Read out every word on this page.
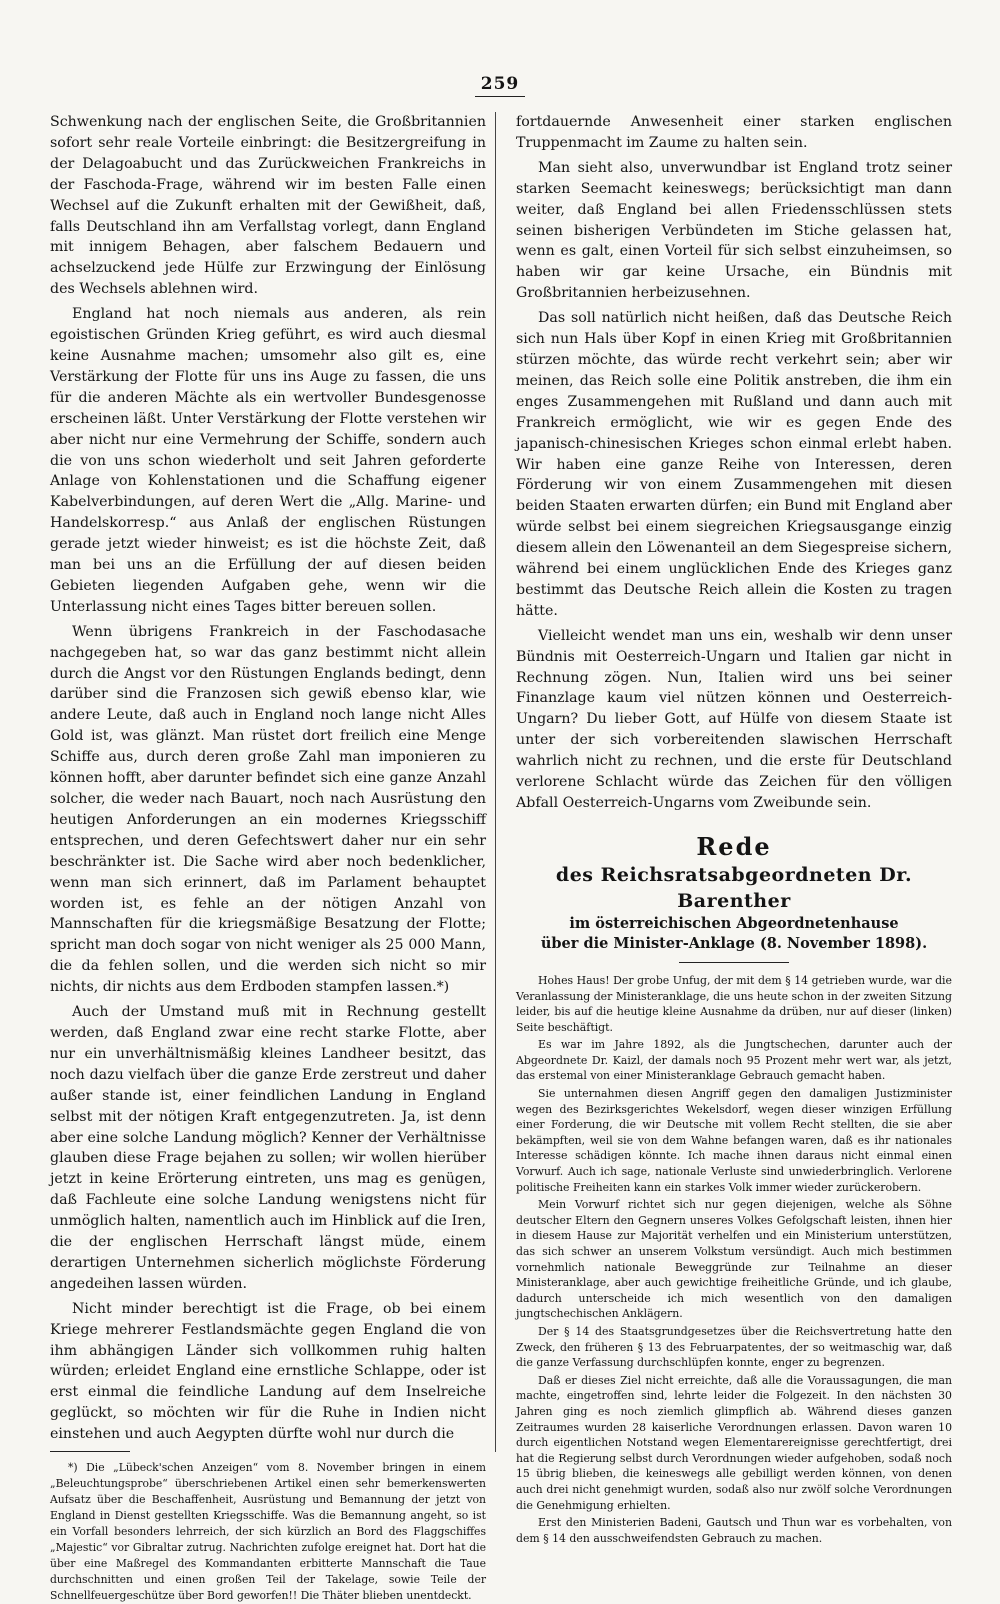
259

Schwenkung nach der englischen Seite, die Großbritannien sofort sehr reale Vorteile einbringt: die Besitzergreifung in der Delagoabucht und das Zurückweichen Frankreichs in der Faschoda-Frage, während wir im besten Falle einen Wechsel auf die Zukunft erhalten mit der Gewißheit, daß, falls Deutschland ihn am Verfallstag vorlegt, dann England mit innigem Behagen, aber falschem Bedauern und achselzuckend jede Hülfe zur Erzwingung der Einlösung des Wechsels ablehnen wird.

England hat noch niemals aus anderen, als rein egoistischen Gründen Krieg geführt, es wird auch diesmal keine Ausnahme machen; umsomehr also gilt es, eine Verstärkung der Flotte für uns ins Auge zu fassen, die uns für die anderen Mächte als ein wertvoller Bundesgenosse erscheinen läßt. Unter Verstärkung der Flotte verstehen wir aber nicht nur eine Vermehrung der Schiffe, sondern auch die von uns schon wiederholt und seit Jahren geforderte Anlage von Kohlenstationen und die Schaffung eigener Kabelverbindungen, auf deren Wert die „Allg. Marine- und Handelskorresp.“ aus Anlaß der englischen Rüstungen gerade jetzt wieder hinweist; es ist die höchste Zeit, daß man bei uns an die Erfüllung der auf diesen beiden Gebieten liegenden Aufgaben gehe, wenn wir die Unterlassung nicht eines Tages bitter bereuen sollen.

Wenn übrigens Frankreich in der Faschodasache nachgegeben hat, so war das ganz bestimmt nicht allein durch die Angst vor den Rüstungen Englands bedingt, denn darüber sind die Franzosen sich gewiß ebenso klar, wie andere Leute, daß auch in England noch lange nicht Alles Gold ist, was glänzt. Man rüstet dort freilich eine Menge Schiffe aus, durch deren große Zahl man imponieren zu können hofft, aber darunter befindet sich eine ganze Anzahl solcher, die weder nach Bauart, noch nach Ausrüstung den heutigen Anforderungen an ein modernes Kriegsschiff entsprechen, und deren Gefechtswert daher nur ein sehr beschränkter ist. Die Sache wird aber noch bedenklicher, wenn man sich erinnert, daß im Parlament behauptet worden ist, es fehle an der nötigen Anzahl von Mannschaften für die kriegsmäßige Besatzung der Flotte; spricht man doch sogar von nicht weniger als 25 000 Mann, die da fehlen sollen, und die werden sich nicht so mir nichts, dir nichts aus dem Erdboden stampfen lassen.*)

Auch der Umstand muß mit in Rechnung gestellt werden, daß England zwar eine recht starke Flotte, aber nur ein unverhältnismäßig kleines Landheer besitzt, das noch dazu vielfach über die ganze Erde zerstreut und daher außer stande ist, einer feindlichen Landung in England selbst mit der nötigen Kraft entgegenzutreten. Ja, ist denn aber eine solche Landung möglich? Kenner der Verhältnisse glauben diese Frage bejahen zu sollen; wir wollen hierüber jetzt in keine Erörterung eintreten, uns mag es genügen, daß Fachleute eine solche Landung wenigstens nicht für unmöglich halten, namentlich auch im Hinblick auf die Iren, die der englischen Herrschaft längst müde, einem derartigen Unternehmen sicherlich möglichste Förderung angedeihen lassen würden.

Nicht minder berechtigt ist die Frage, ob bei einem Kriege mehrerer Festlandsmächte gegen England die von ihm abhängigen Länder sich vollkommen ruhig halten würden; erleidet England eine ernstliche Schlappe, oder ist erst einmal die feindliche Landung auf dem Inselreiche geglückt, so möchten wir für die Ruhe in Indien nicht einstehen und auch Aegypten dürfte wohl nur durch die

*) Die „Lübeck'schen Anzeigen“ vom 8. November bringen in einem „Beleuchtungsprobe“ überschriebenen Artikel einen sehr bemerkenswerten Aufsatz über die Beschaffenheit, Ausrüstung und Bemannung der jetzt von England in Dienst gestellten Kriegsschiffe. Was die Bemannung angeht, so ist ein Vorfall besonders lehrreich, der sich kürzlich an Bord des Flaggschiffes „Majestic“ vor Gibraltar zutrug. Nachrichten zufolge ereignet hat. Dort hat die über eine Maßregel des Kommandanten erbitterte Mannschaft die Taue durchschnitten und einen großen Teil der Takelage, sowie Teile der Schnellfeuergeschütze über Bord geworfen!! Die Thäter blieben unentdeckt.

fortdauernde Anwesenheit einer starken englischen Truppenmacht im Zaume zu halten sein.

Man sieht also, unverwundbar ist England trotz seiner starken Seemacht keineswegs; berücksichtigt man dann weiter, daß England bei allen Friedensschlüssen stets seinen bisherigen Verbündeten im Stiche gelassen hat, wenn es galt, einen Vorteil für sich selbst einzuheimsen, so haben wir gar keine Ursache, ein Bündnis mit Großbritannien herbeizusehnen.

Das soll natürlich nicht heißen, daß das Deutsche Reich sich nun Hals über Kopf in einen Krieg mit Großbritannien stürzen möchte, das würde recht verkehrt sein; aber wir meinen, das Reich solle eine Politik anstreben, die ihm ein enges Zusammengehen mit Rußland und dann auch mit Frankreich ermöglicht, wie wir es gegen Ende des japanisch-chinesischen Krieges schon einmal erlebt haben. Wir haben eine ganze Reihe von Interessen, deren Förderung wir von einem Zusammengehen mit diesen beiden Staaten erwarten dürfen; ein Bund mit England aber würde selbst bei einem siegreichen Kriegsausgange einzig diesem allein den Löwenanteil an dem Siegespreise sichern, während bei einem unglücklichen Ende des Krieges ganz bestimmt das Deutsche Reich allein die Kosten zu tragen hätte.

Vielleicht wendet man uns ein, weshalb wir denn unser Bündnis mit Oesterreich-Ungarn und Italien gar nicht in Rechnung zögen. Nun, Italien wird uns bei seiner Finanzlage kaum viel nützen können und Oesterreich-Ungarn? Du lieber Gott, auf Hülfe von diesem Staate ist unter der sich vorbereitenden slawischen Herrschaft wahrlich nicht zu rechnen, und die erste für Deutschland verlorene Schlacht würde das Zeichen für den völligen Abfall Oesterreich-Ungarns vom Zweibunde sein.

Rede
des Reichsratsabgeordneten Dr. Barenther
im österreichischen Abgeordnetenhause
über die Minister-Anklage (8. November 1898).

Hohes Haus! Der grobe Unfug, der mit dem § 14 getrieben wurde, war die Veranlassung der Ministeranklage, die uns heute schon in der zweiten Sitzung leider, bis auf die heutige kleine Ausnahme da drüben, nur auf dieser (linken) Seite beschäftigt.

Es war im Jahre 1892, als die Jungtschechen, darunter auch der Abgeordnete Dr. Kaizl, der damals noch 95 Prozent mehr wert war, als jetzt, das erstemal von einer Ministeranklage Gebrauch gemacht haben.

Sie unternahmen diesen Angriff gegen den damaligen Justizminister wegen des Bezirksgerichtes Wekelsdorf, wegen dieser winzigen Erfüllung einer Forderung, die wir Deutsche mit vollem Recht stellten, die sie aber bekämpften, weil sie von dem Wahne befangen waren, daß es ihr nationales Interesse schädigen könnte. Ich mache ihnen daraus nicht einmal einen Vorwurf. Auch ich sage, nationale Verluste sind unwiederbringlich. Verlorene politische Freiheiten kann ein starkes Volk immer wieder zurückerobern.

Mein Vorwurf richtet sich nur gegen diejenigen, welche als Söhne deutscher Eltern den Gegnern unseres Volkes Gefolgschaft leisten, ihnen hier in diesem Hause zur Majorität verhelfen und ein Ministerium unterstützen, das sich schwer an unserem Volkstum versündigt. Auch mich bestimmen vornehmlich nationale Beweggründe zur Teilnahme an dieser Ministeranklage, aber auch gewichtige freiheitliche Gründe, und ich glaube, dadurch unterscheide ich mich wesentlich von den damaligen jungtschechischen Anklägern.

Der § 14 des Staatsgrundgesetzes über die Reichsvertretung hatte den Zweck, den früheren § 13 des Februarpatentes, der so weitmaschig war, daß die ganze Verfassung durchschlüpfen konnte, enger zu begrenzen.

Daß er dieses Ziel nicht erreichte, daß alle die Voraussagungen, die man machte, eingetroffen sind, lehrte leider die Folgezeit. In den nächsten 30 Jahren ging es noch ziemlich glimpflich ab. Während dieses ganzen Zeitraumes wurden 28 kaiserliche Verordnungen erlassen. Davon waren 10 durch eigentlichen Notstand wegen Elementarereignisse gerechtfertigt, drei hat die Regierung selbst durch Verordnungen wieder aufgehoben, sodaß noch 15 übrig blieben, die keineswegs alle gebilligt werden können, von denen auch drei nicht genehmigt wurden, sodaß also nur zwölf solche Verordnungen die Genehmigung erhielten.

Erst den Ministerien Badeni, Gautsch und Thun war es vorbehalten, von dem § 14 den ausschweifendsten Gebrauch zu machen.
